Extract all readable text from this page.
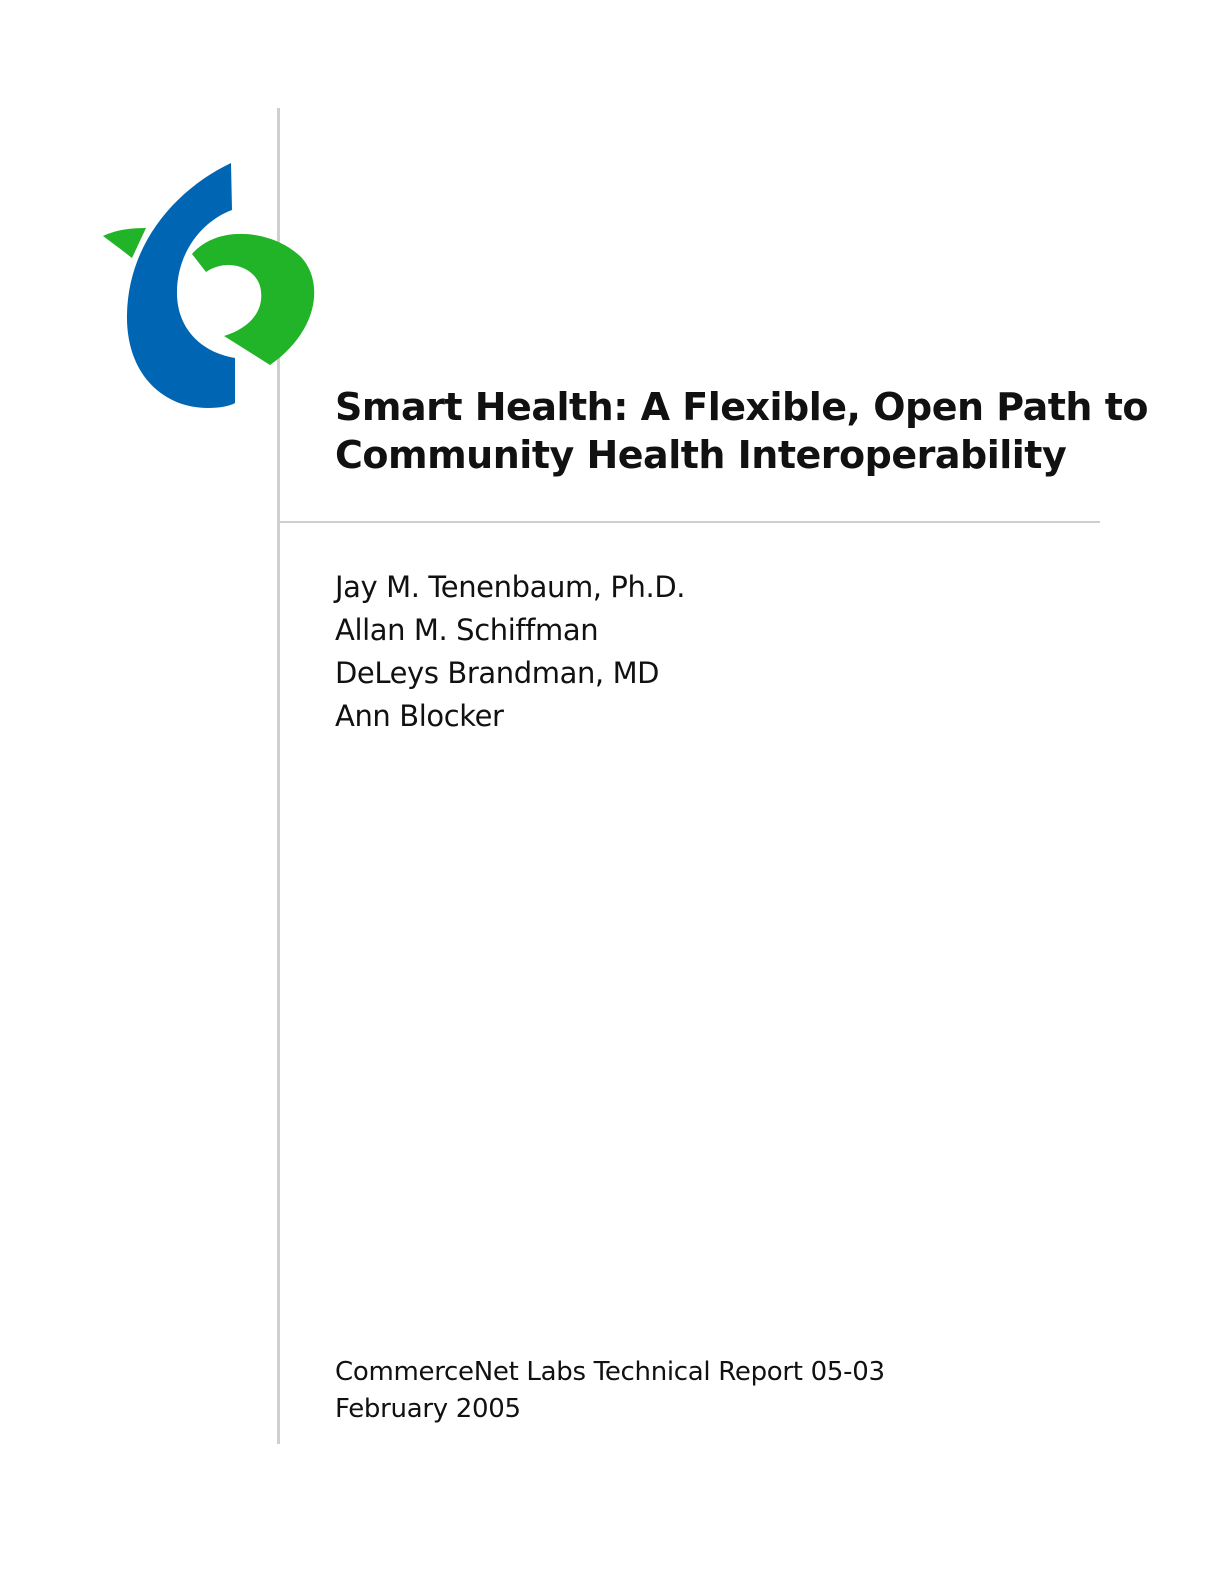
Smart Health: A Flexible, Open Path to
Community Health Interoperability
Jay M. Tenenbaum, Ph.D.
Allan M. Schiffman
DeLeys Brandman, MD
Ann Blocker
CommerceNet Labs Technical Report 05-03
February 2005
